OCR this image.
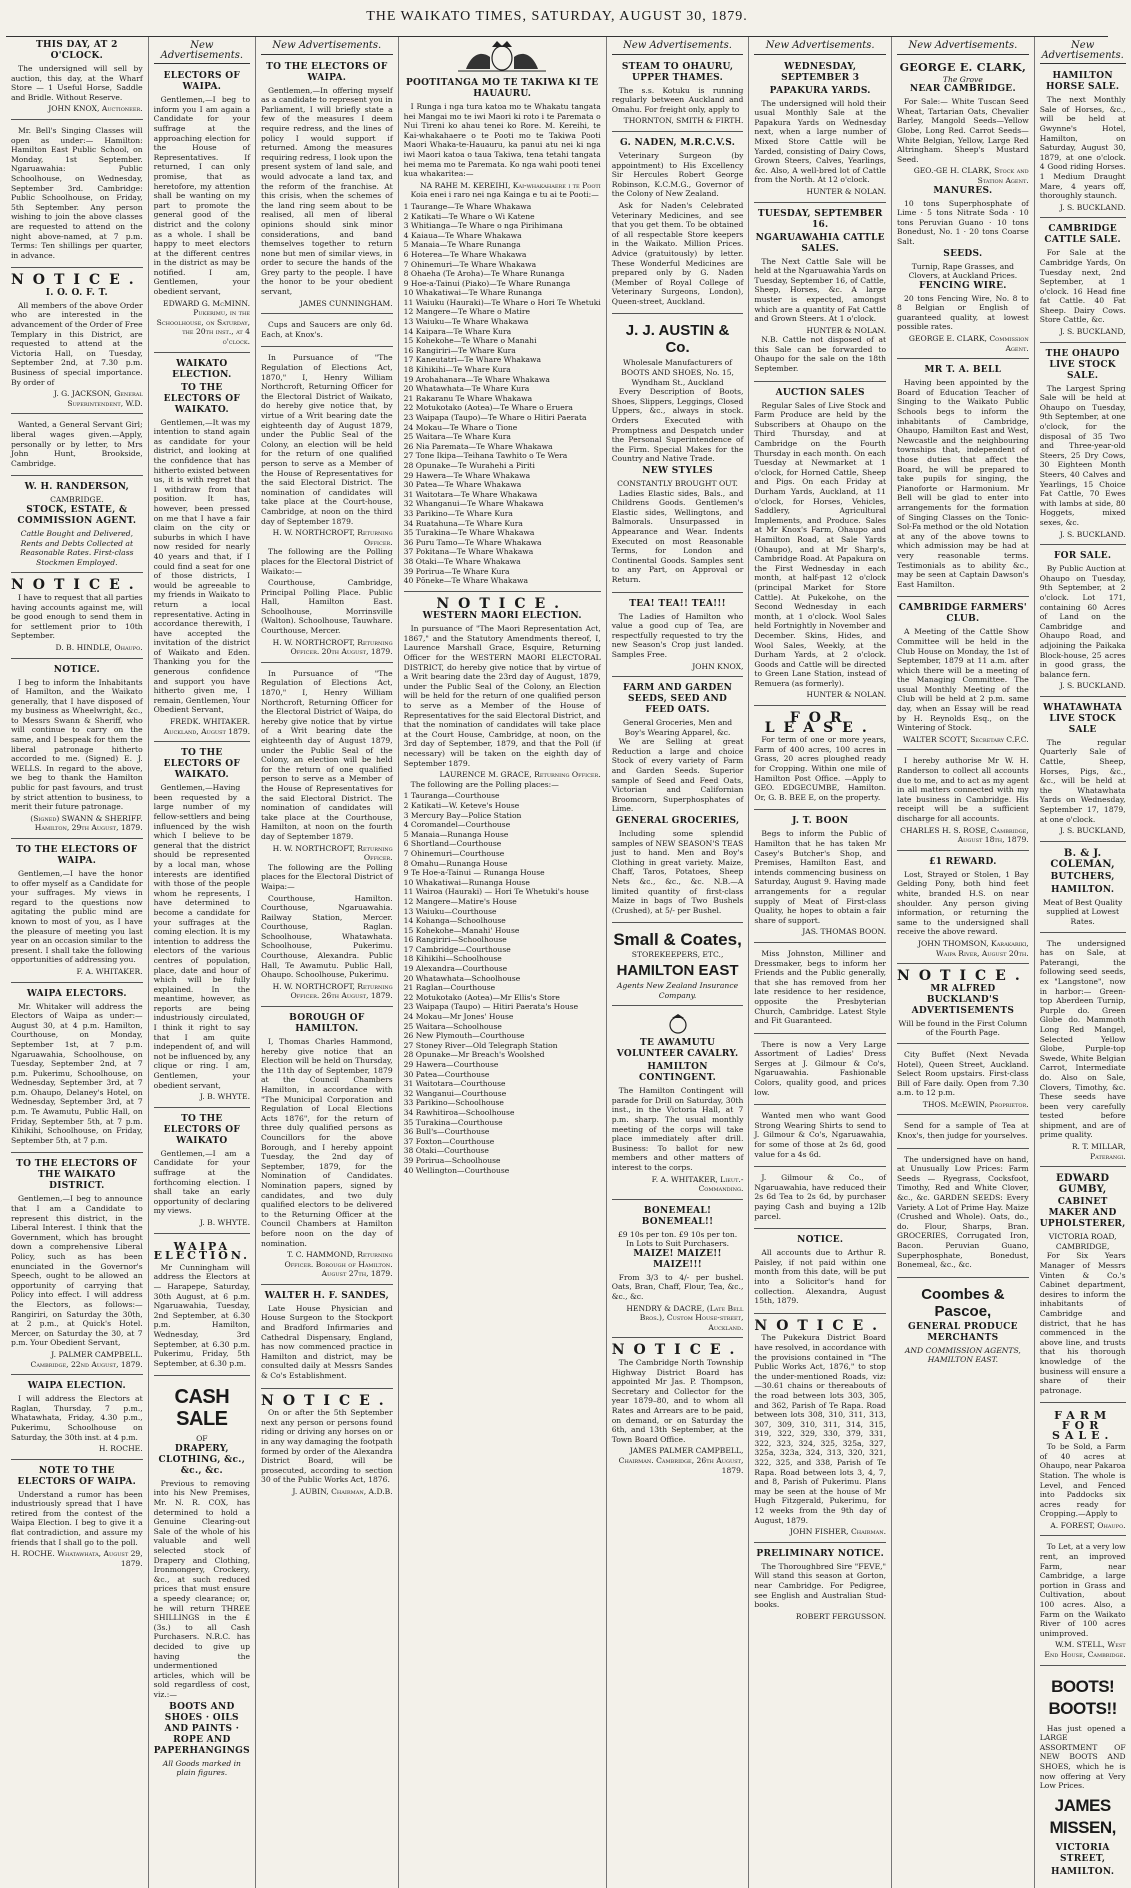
THE WAIKATO TIMES, SATURDAY, AUGUST 30, 1879.
THIS DAY, AT 2 O'CLOCK.

The undersigned will sell by auction, this day, at the Wharf Store — 1 Useful Horse, Saddle and Bridle. Without Reserve.

JOHN KNOX, Auctioneer.

Mr. Bell's Singing Classes will open as under:— Hamilton: Hamilton East Public School, on Monday, 1st September. Ngaruawahia: Public Schoolhouse, on Wednesday, September 3rd. Cambridge: Public Schoolhouse, on Friday, 5th September. Any person wishing to join the above classes are requested to attend on the night above-named, at 7 p.m. Terms: Ten shillings per quarter, in advance.

NOTICE.
I. O. O. F. T.

All members of the above Order who are interested in the advancement of the Order of Free Templary in this District, are requested to attend at the Victoria Hall, on Tuesday, September 2nd, at 7.30 p.m. Business of special importance. By order of

J. G. JACKSON, General Superintendent, W.D.

Wanted, a General Servant Girl; liberal wages given.—Apply, personally or by letter, to Mrs John Hunt, Brookside, Cambridge.

W. H. RANDERSON,
CAMBRIDGE.
STOCK, ESTATE, & COMMISSION AGENT.
Cattle Bought and Delivered, Rents and Debts Collected at Reasonable Rates. First-class Stockmen Employed.
NOTICE.

I have to request that all parties having accounts against me, will be good enough to send them in for settlement prior to 10th September.

D. B. HINDLE, Ohaupo.
NOTICE.

I beg to inform the Inhabitants of Hamilton, and the Waikato generally, that I have disposed of my business as Wheelwright, &c., to Messrs Swann & Sheriff, who will continue to carry on the same, and I bespeak for them the liberal patronage hitherto accorded to me. (Signed) E. J. WELLS. In regard to the above, we beg to thank the Hamilton public for past favours, and trust by strict attention to business, to merit their future patronage.

(Signed) SWANN & SHERIFF. Hamilton, 29th August, 1879.
TO THE ELECTORS OF WAIPA.

Gentlemen,—I have the honor to offer myself as a Candidate for your suffrages. My views in regard to the questions now agitating the public mind are known to most of you, as I have the pleasure of meeting you last year on an occasion similar to the present. I shall take the following opportunities of addressing you.

F. A. WHITAKER.
WAIPA ELECTORS.

Mr. Whitaker will address the Electors of Waipa as under:— August 30, at 4 p.m. Hamilton, Courthouse, on Monday, September 1st, at 7 p.m. Ngaruawahia, Schoolhouse, on Tuesday, September 2nd, at 7 p.m. Pukerimu, Schoolhouse, on Wednesday, September 3rd, at 7 p.m. Ohaupo, Delaney's Hotel, on Wednesday, September 3rd, at 7 p.m. Te Awamutu, Public Hall, on Friday, September 5th, at 7 p.m. Kihikihi, Schoolhouse, on Friday, September 5th, at 7 p.m.

TO THE ELECTORS OF THE WAIKATO DISTRICT.

Gentlemen,—I beg to announce that I am a Candidate to represent this district, in the Liberal Interest. I think that the Government, which has brought down a comprehensive Liberal Policy, such as has been enunciated in the Governor's Speech, ought to be allowed an opportunity of carrying that Policy into effect. I will address the Electors, as follows:— Rangiriri, on Saturday the 30th, at 2 p.m., at Quick's Hotel. Mercer, on Saturday the 30, at 7 p.m. Your Obedient Servant,

J. PALMER CAMPBELL. Cambridge, 22nd August, 1879.
WAIPA ELECTION.

I will address the Electors at Raglan, Thursday, 7 p.m., Whatawhata, Friday, 4.30 p.m., Pukerimu, Schoolhouse on Saturday, the 30th inst. at 4 p.m.

H. ROCHE.
NOTE TO THE ELECTORS OF WAIPA.

Understand a rumor has been industriously spread that I have retired from the contest of the Waipa Election. I beg to give it a flat contradiction, and assure my friends that I shall go to the poll.

H. ROCHE. Whatawhata, August 29, 1879.
New Advertisements.
ELECTORS OF WAIPA.

Gentlemen,—I beg to inform you I am again a Candidate for your suffrage at the approaching election for the House of Representatives. If returned, I can only promise, that as heretofore, my attention shall be wanting on my part to promote the general good of the district and the colony as a whole. I shall be happy to meet electors at the different centres in the district as may be notified. I am, Gentlemen, your obedient servant,

EDWARD G. McMINN. Pukerimu, in the Schoolhouse, on Saturday, the 20th inst., at 4 o'clock.
WAIKATO ELECTION.
TO THE ELECTORS OF WAIKATO.

Gentlemen,—It was my intention to stand again as candidate for your district, and looking at the confidence that has hitherto existed between us, it is with regret that I withdraw from that position. It has, however, been pressed on me that I have a fair claim on the city or suburbs in which I have now resided for nearly 40 years and that, if I could find a seat for one of those districts, I would be agreeable to my friends in Waikato to return a local representative. Acting in accordance therewith, I have accepted the invitation of the district of Waikato and Eden. Thanking you for the generous confidence and support you have hitherto given me, I remain, Gentlemen, Your Obedient Servant,

FREDK. WHITAKER. Auckland, August 1879.
TO THE ELECTORS OF WAIKATO.

Gentlemen,—Having been requested by a large number of my fellow-settlers and being influenced by the wish which I believe to be general that the district should be represented by a local man, whose interests are identified with those of the people whom he represents, I have determined to become a candidate for your suffrages at the coming election. It is my intention to address the electors of the various centres of population, place, date and hour of which will be fully explained. In the meantime, however, as reports are being industriously circulated, I think it right to say that I am quite independent of, and will not be influenced by, any clique or ring. I am, Gentlemen, your obedient servant,

J. B. WHYTE.
TO THE ELECTORS OF WAIKATO

Gentlemen,—I am a Candidate for your suffrage at the forthcoming election. I shall take an early opportunity of declaring my views.

J. B. WHYTE.
WAIPA ELECTION.

Mr Cunningham will address the Electors at — Harapepe, Saturday, 30th August, at 6 p.m. Ngaruawahia, Tuesday, 2nd September, at 6.30 p.m. Hamilton, Wednesday, 3rd September, at 6.30 p.m. Pukerimu, Friday, 5th September, at 6.30 p.m.

CASH SALE
OF
DRAPERY, CLOTHING, &c., &c., &c.

Previous to removing into his New Premises, Mr. N. R. COX, has determined to hold a Genuine Clearing-out Sale of the whole of his valuable and well selected stock of Drapery and Clothing, Ironmongery, Crockery, &c., at such reduced prices that must ensure a speedy clearance; or, he will return THREE SHILLINGS in the £ (3s.) to all Cash Purchasers. N.R.C. has decided to give up having the undermentioned articles, which will be sold regardless of cost, viz.:—

BOOTS AND SHOES · OILS AND PAINTS · ROPE AND PAPERHANGINGS
All Goods marked in plain figures.
New Advertisements.
TO THE ELECTORS OF WAIPA.

Gentlemen,—In offering myself as a candidate to represent you in Parliament, I will briefly state a few of the measures I deem require redress, and the lines of policy I would support if returned. Among the measures requiring redress, I look upon the present system of land sale, and would advocate a land tax, and the reform of the franchise. At this crisis, when the schemes of the land ring seem about to be realised, all men of liberal opinions should sink minor considerations, and band themselves together to return none but men of similar views, in order to secure the hands of the Grey party to the people. I have the honor to be your obedient servant,

JAMES CUNNINGHAM.

Cups and Saucers are only 6d. Each, at Knox's.

In Pursuance of "The Regulation of Elections Act, 1870," I, Henry William Northcroft, Returning Officer for the Electoral District of Waikato, do hereby give notice that, by virtue of a Writ bearing date the eighteenth day of August 1879, under the Public Seal of the Colony, an election will be held for the return of one qualified person to serve as a Member of the House of Representatives for the said Electoral District. The nomination of candidates will take place at the Court-house, Cambridge, at noon on the third day of September 1879.

H. W. NORTHCROFT, Returning Officer.

The following are the Polling places for the Electoral District of Waikato:—

Courthouse, Cambridge, Principal Polling Place. Public Hall, Hamilton East. Schoolhouse, Morrinsville (Walton). Schoolhouse, Tauwhare. Courthouse, Mercer.

H. W. NORTHCROFT, Returning Officer. 20th August, 1879.

In Pursuance of "The Regulation of Elections Act, 1870," I, Henry William Northcroft, Returning Officer for the Electoral District of Waipa, do hereby give notice that by virtue of a Writ bearing date the eighteenth day of August 1879, under the Public Seal of the Colony, an election will be held for the return of one qualified person to serve as a Member of the House of Representatives for the said Electoral District. The nomination of candidates will take place at the Courthouse, Hamilton, at noon on the fourth day of September 1879.

H. W. NORTHCROFT, Returning Officer.

The following are the Polling places for the Electoral District of Waipa:—

Courthouse, Hamilton. Courthouse, Ngaruawahia. Railway Station, Mercer. Courthouse, Raglan. Schoolhouse, Whatawhata. Schoolhouse, Pukerimu. Courthouse, Alexandra. Public Hall, Te Awamutu. Public Hall, Ohaupo. Schoolhouse, Pukerimu.

H. W. NORTHCROFT, Returning Officer. 26th August, 1879.
BOROUGH OF HAMILTON.

I, Thomas Charles Hammond, hereby give notice that an Election will be held on Thursday, the 11th day of September, 1879 at the Council Chambers Hamilton, in accordance with "The Municipal Corporation and Regulation of Local Elections Acts 1876", for the return of three duly qualified persons as Councillors for the above Borough, and I hereby appoint Tuesday, the 2nd day of September, 1879, for the Nomination of Candidates. Nomination papers, signed by candidates, and two duly qualified electors to be delivered to the Returning Officer at the Council Chambers at Hamilton before noon on the day of nomination.

T. C. HAMMOND, Returning Officer. Borough of Hamilton. August 27th, 1879.
WALTER H. F. SANDES,

Late House Physician and House Surgeon to the Stockport and Bradford Infirmaries and Cathedral Dispensary, England, has now commenced practice in Hamilton and district, may be consulted daily at Messrs Sandes & Co's Establishment.

NOTICE.

On or after the 5th September next any person or persons found riding or driving any horses on or in any way damaging the footpath formed by order of the Alexandra District Board, will be prosecuted, according to section 30 of the Public Works Act, 1876.

J. AUBIN, Chairman, A.D.B.
POOTITANGA MO TE TAKIWA KI TE HAUAURU.

I Runga i nga tura katoa mo te Whakatu tangata hei Mangai mo te iwi Maori ki roto i te Paremata o Nui Tireni ko ahau tenei ko Rore. M. Kereihi, te Kai-whakahaere o te Pooti mo te Takiwa Pooti Maori Whaka-te-Hauauru, ka panui atu nei ki nga iwi Maori katoa o taua Takiwa, tena tetahi tangata hei mema mo te Paremata. Ko nga wahi pooti tenei kua whakaritea:—

NA RAHE M. KEREIHI, Kai-whakahaere i te Pooti

Koia enei i raro nei nga Kainga e tu ai te Pooti:—

1 Taurange—Te Whare Whakawa
2 Katikati—Te Whare o Wi Katene
3 Whitianga—Te Whare o nga Pirihimana
4 Kaiaua—Te Whare Whakawa
5 Manaia—Te Whare Runanga
6 Hoterea—Te Whare Whakawa
7 Ohinemuri—Te Whare Whakawa
8 Ohaeha (Te Aroha)—Te Whare Runanga
9 Hoe-a-Tainui (Piako)—Te Whare Runanga
10 Whakatiwai—Te Whare Runanga
11 Waiuku (Hauraki)—Te Whare o Hori Te Whetuki
12 Mangere—Te Whare o Matire
13 Waiuku—Te Whare Whakawa
14 Kaipara—Te Whare Kura
15 Kohekohe—Te Whare o Manahi
16 Rangiriri—Te Whare Kura
17 Kaneutatri—Te Whare Whakawa
18 Kihikihi—Te Whare Kura
19 Arohahanara—Te Whare Whakawa
20 Whatawhata—Te Whare Kura
21 Rakaranu Te Whare Whakawa
22 Motukotako (Aotea)—Te Whare o Eruera
23 Waipapa (Taupo)—Te Whare o Hitiri Paerata
24 Mokau—Te Whare o Tione
25 Waitara—Te Whare Kura
26 Nia Paremata—Te Whare Whakawa
27 Tone Ikipa—Teihana Tawhito o Te Wera
28 Opunake—Te Wurahehi a Piriti
29 Hawera—Te Whare Whakawa
30 Patea—Te Whare Whakawa
31 Waitotara—Te Whare Whakawa
32 Whanganui—Te Whare Whakawa
33 Parikino—Te Whare Kura
34 Ruatahuna—Te Whare Kura
35 Turakina—Te Whare Whakawa
36 Puru Tamo—Te Whare Whakawa
37 Pokitana—Te Whare Whakawa
38 Otaki—Te Whare Whakawa
39 Porirua—Te Whare Kura
40 Pōneke—Te Whare Whakawa
NOTICE.
WESTERN MAORI ELECTION.

In pursuance of "The Maori Representation Act, 1867," and the Statutory Amendments thereof, I, Laurence Marshall Grace, Esquire, Returning Officer for the WESTERN MAORI ELECTORAL DISTRICT, do hereby give notice that by virtue of a Writ bearing date the 23rd day of August, 1879, under the Public Seal of the Colony, an Election will be held for the return of one qualified person to serve as a Member of the House of Representatives for the said Electoral District, and that the nomination of candidates will take place at the Court House, Cambridge, at noon, on the 3rd day of September, 1879, and that the Poll (if necessary) will be taken on the eighth day of September 1879.

LAURENCE M. GRACE, Returning Officer.

The following are the Polling places:—

1 Tauranga—Courthouse
2 Katikati—W. Keteve's House
3 Mercury Bay—Police Station
4 Coromandel—Courthouse
5 Manaia—Runanga House
6 Shortland—Courthouse
7 Ohinemuri—Courthouse
8 Omahu—Runanga House
9 Te Hoe-a-Tainui — Runanga House
10 Whakatiwai—Runanga House
11 Wairoa (Hauraki) — Hori Te Whetuki's house
12 Mangere—Matire's House
13 Waiuku—Courthouse
14 Kohanga—Schoolhouse
15 Kohekohe—Manahi' House
16 Rangiriri—Schoolhouse
17 Cambridge—Courthouse
18 Kihikihi—Schoolhouse
19 Alexandra—Courthouse
20 Whatawhata—Schoolhouse
21 Raglan—Courthouse
22 Motukotako (Aotea)—Mr Ellis's Store
23 Waipapa (Taupo) — Hitiri Paerata's House
24 Mokau—Mr Jones' House
25 Waitara—Schoolhouse
26 New Plymouth—Courthouse
27 Stoney River—Old Telegraph Station
28 Opunake—Mr Breach's Woolshed
29 Hawera—Courthouse
30 Patea—Courthouse
31 Waitotara—Courthouse
32 Wanganui—Courthouse
33 Parikino—Schoolhouse
34 Rawhitiroa—Schoolhouse
35 Turakina—Courthouse
36 Bull's—Courthouse
37 Foxton—Courthouse
38 Otaki—Courthouse
39 Porirua—Schoolhouse
40 Wellington—Courthouse
New Advertisements.
STEAM TO OHAURU, UPPER THAMES.

The s.s. Kotuku is running regularly between Auckland and Omahu. For freight only, apply to

THORNTON, SMITH & FIRTH.
G. NADEN, M.R.C.V.S.

Veterinary Surgeon (by appointment) to His Excellency Sir Hercules Robert George Robinson, K.C.M.G., Governor of the Colony of New Zealand.

Ask for Naden's Celebrated Veterinary Medicines, and see that you get them. To be obtained of all respectable Store keepers in the Waikato. Million Prices. Advice (gratuitously) by letter. These Wonderful Medicines are prepared only by G. Naden (Member of Royal College of Veterinary Surgeons, London), Queen-street, Auckland.

J. J. AUSTIN & Co.
Wholesale Manufacturers of BOOTS AND SHOES, No. 15, Wyndham St., Auckland

Every Description of Boots, Shoes, Slippers, Leggings, Closed Uppers, &c., always in stock. Orders Executed with Promptness and Despatch under the Personal Superintendence of the Firm. Special Makes for the Country and Native Trade.

NEW STYLES
CONSTANTLY BROUGHT OUT.

Ladies Elastic sides, Bals., and Childrens Goods. Gentlemen's Elastic sides, Wellingtons, and Balmorals. Unsurpassed in Appearance and Wear. Indents Executed on most Reasonable Terms, for London and Continental Goods. Samples sent to any Part, on Approval or Return.

TEA! TEA!! TEA!!!

The Ladies of Hamilton who value a good cup of Tea, are respectfully requested to try the new Season's Crop just landed. Samples Free.

JOHN KNOX,
FARM AND GARDEN SEEDS, SEED AND FEED OATS.
General Groceries, Men and Boy's Wearing Apparel, &c.

We are Selling at great Reduction a large and choice Stock of every variety of Farm and Garden Seeds. Superior sample of Seed and Feed Oats, Victorian and Californian Broomcorn, Superphosphates of Lime.

GENERAL GROCERIES,

Including some splendid samples of NEW SEASON'S TEAS just to hand. Men and Boy's Clothing in great variety. Maize, Chaff, Taros, Potatoes, Sheep Nets &c., &c., &c. N.B.—A limited quantity of first-class Maize in bags of Two Bushels (Crushed), at 5/- per Bushel.

Small & Coates,
STOREKEEPERS, ETC.,
HAMILTON EAST
Agents New Zealand Insurance Company.
TE AWAMUTU VOLUNTEER CAVALRY.
HAMILTON CONTINGENT.

The Hamilton Contingent will parade for Drill on Saturday, 30th inst., in the Victoria Hall, at 7 p.m. sharp. The usual monthly meeting of the corps will take place immediately after drill. Business: To ballot for new members and other matters of interest to the corps.

F. A. WHITAKER, Lieut.-Commanding.
BONEMEAL! BONEMEAL!!
£9 10s per ton. £9 10s per ton.
In Lots to Suit Purchasers.
MAIZE! MAIZE!! MAIZE!!!

From 3/3 to 4/- per bushel. Oats, Bran, Chaff, Flour, Tea, &c., &c., &c.

HENDRY & DACRE, (Late Bell Bros.), Custom House-street, Auckland.
NOTICE.

The Cambridge North Township Highway District Board has appointed Mr Jas. P. Thompson, Secretary and Collector for the year 1879–80, and to whom all Rates and Arrears are to be paid, on demand, or on Saturday the 6th, and 13th September, at the Town Board Office.

JAMES PALMER CAMPBELL, Chairman. Cambridge, 26th August, 1879.
New Advertisements.
WEDNESDAY, SEPTEMBER 3
PAPAKURA YARDS.

The undersigned will hold their usual Monthly Sale at the Papakura Yards on Wednesday next, when a large number of Mixed Store Cattle will be Yarded, consisting of Dairy Cows, Grown Steers, Calves, Yearlings, &c. Also, A well-bred lot of Cattle from the North. At 12 o'clock.

HUNTER & NOLAN.
TUESDAY, SEPTEMBER 16.
NGARUAWAHIA CATTLE SALES.

The Next Cattle Sale will be held at the Ngaruawahia Yards on Tuesday, September 16, of Cattle, Sheep, Horses, &c. A large muster is expected, amongst which are a quantity of Fat Cattle and Grown Steers. At 1 o'clock.

HUNTER & NOLAN.

N.B. Cattle not disposed of at this Sale can be forwarded to Ohaupo for the sale on the 18th September.

AUCTION SALES

Regular Sales of Live Stock and Farm Produce are held by the Subscribers at Ohaupo on the Third Thursday, and at Cambridge on the Fourth Thursday in each month. On each Tuesday at Newmarket at 1 o'clock, for Horned Cattle, Sheep and Pigs. On each Friday at Durham Yards, Auckland, at 11 o'clock, for Horses, Vehicles, Saddlery, Agricultural Implements, and Produce. Sales at Mr Knox's Farm, Ohaupo and Hamilton Road, at Sale Yards (Ohaupo), and at Mr Sharp's, Cambridge Road. At Papakura on the First Wednesday in each month, at half-past 12 o'clock (principal Market for Store Cattle). At Pukekohe, on the Second Wednesday in each month, at 1 o'clock. Wool Sales held Fortnightly in November and December. Skins, Hides, and Wool Sales, Weekly, at the Durham Yards, at 2 o'clock. Goods and Cattle will be directed to Green Lane Station, instead of Remuera (as formerly).

HUNTER & NOLAN.
FOR LEASE.

For term of one or more years, Farm of 400 acres, 100 acres in Grass, 20 acres ploughed ready for Cropping. Within one mile of Hamilton Post Office. —Apply to GEO. EDGECUMBE, Hamilton. Or, G. B. BEE E, on the property.

J. T. BOON

Begs to inform the Public of Hamilton that he has taken Mr Casey's Butcher's Shop, and Premises, Hamilton East, and intends commencing business on Saturday, August 9. Having made arrangements for a regular supply of Meat of First-class Quality, he hopes to obtain a fair share of support.

JAS. THOMAS BOON.

Miss Johnston, Milliner and Dressmaker, begs to inform her Friends and the Public generally, that she has removed from her late residence to her residence, opposite the Presbyterian Church, Cambridge. Latest Style and Fit Guaranteed.

There is now a Very Large Assortment of Ladies' Dress Serges at J. Gilmour & Co's, Ngaruawahia. Fashionable Colors, quality good, and prices low.

Wanted men who want Good Strong Wearing Shirts to send to J. Gilmour & Co's, Ngaruawahia, for some of those at 2s 6d, good value for a 4s 6d.

J. Gilmour & Co., of Ngaruawahia, have reduced their 2s 6d Tea to 2s 6d, by purchaser paying Cash and buying a 12lb parcel.

NOTICE.

All accounts due to Arthur R. Paisley, if not paid within one month from this date, will be put into a Solicitor's hand for collection. Alexandra, August 15th, 1879.

NOTICE.

The Pukekura District Board have resolved, in accordance with the provisions contained in "The Public Works Act, 1876," to stop the under-mentioned Roads, viz:—30.61 chains or thereabouts of the road between lots 303, 305, and 362, Parish of Te Rapa. Road between lots 308, 310, 311, 313, 307, 309, 310, 311, 314, 315, 319, 322, 329, 330, 379, 331, 322, 323, 324, 325, 325a, 327, 325a, 323a, 324, 313, 320, 321, 322, 325, and 338, Parish of Te Rapa. Road between lots 3, 4, 7, and 8, Parish of Pukerimu. Plans may be seen at the house of Mr Hugh Fitzgerald, Pukerimu, for 12 weeks from the 9th day of August, 1879.

JOHN FISHER, Chairman.
PRELIMINARY NOTICE.

The Thoroughbred Sire "FEVE," Will stand this season at Gorton, near Cambridge. For Pedigree, see English and Australian Stud-books.

ROBERT FERGUSSON.
New Advertisements.
GEORGE E. CLARK,
The Grove
NEAR CAMBRIDGE.

For Sale:— White Tuscan Seed Wheat, Tartarian Oats, Chevalier Barley, Mangold Seeds—Yellow Globe, Long Red. Carrot Seeds— White Belgian, Yellow, Large Red Altringham. Sheep's Mustard Seed.

GEO.-GE H. CLARK, Stock and Station Agent.
MANURES.

10 tons Superphosphate of Lime · 5 tons Nitrate Soda · 10 tons Peruvian Guano · 10 tons Bonedust, No. 1 · 20 tons Coarse Salt.

SEEDS.
Turnip, Rape Grasses, and Clovers, at Auckland Prices.
FENCING WIRE.

20 tons Fencing Wire, No. 8 to 8 Belgian or English of guaranteed quality, at lowest possible rates.

GEORGE E. CLARK, Commission Agent.
MR T. A. BELL

Having been appointed by the Board of Education Teacher of Singing to the Waikato Public Schools begs to inform the inhabitants of Cambridge, Ohaupo, Hamilton East and West, Newcastle and the neighbouring townships that, independent of those duties that affect the Board, he will be prepared to take pupils for singing, the Pianoforte or Harmonium. Mr Bell will be glad to enter into arrangements for the formation of Singing Classes on the Tonic-Sol-Fa method or the old Notation at any of the above towns to which admission may be had at very reasonable terms. Testimonials as to ability &c., may be seen at Captain Dawson's East Hamilton.

CAMBRIDGE FARMERS' CLUB.

A Meeting of the Cattle Show Committee will be held in the Club House on Monday, the 1st of September, 1879 at 11 a.m. after which there will be a meeting of the Managing Committee. The usual Monthly Meeting of the Club will be held at 2 p.m. same day, when an Essay will be read by H. Reynolds Esq., on the Wintering of Stock.

WALTER SCOTT, Secretary C.F.C.

I hereby authorise Mr W. H. Randerson to collect all accounts due to me, and to act as my agent in all matters connected with my late business in Cambridge. His receipt will be a sufficient discharge for all accounts.

CHARLES H. S. ROSE, Cambridge, August 18th, 1879.
£1 REWARD.

Lost, Strayed or Stolen, 1 Bay Gelding Pony, both hind feet white, branded H.S. on near shoulder. Any person giving information, or returning the same to the undersigned shall receive the above reward.

JOHN THOMSON, Karakariki, Waipa River, August 20th.
NOTICE.
MR ALFRED BUCKLAND'S ADVERTISEMENTS
Will be found in the First Column of the Fourth Page.

City Buffet (Next Nevada Hotel), Queen Street, Auckland. Select Room upstairs. First-class Bill of Fare daily. Open from 7.30 a.m. to 12 p.m.

THOS. McEWIN, Proprietor.

Send for a sample of Tea at Knox's, then judge for yourselves.

The undersigned have on hand, at Unusually Low Prices: Farm Seeds — Ryegrass, Cocksfoot, Timothy, Red and White Clover, &c., &c. GARDEN SEEDS: Every Variety. A Lot of Prime Hay. Maize (Crushed and Whole). Oats, do., do. Flour, Sharps, Bran. GROCERIES, Corrugated Iron, Bacon. Peruvian Guano, Superphosphate, Bonedust, Bonemeal, &c., &c.

Coombes & Pascoe,
GENERAL PRODUCE MERCHANTS
AND COMMISSION AGENTS, HAMILTON EAST.
New Advertisements.
HAMILTON HORSE SALE.

The next Monthly Sale of Horses, &c., will be held at Gwynne's Hotel, Hamilton, on Saturday, August 30, 1879, at one o'clock. 4 Good riding Horses. 1 Medium Draught Mare, 4 years off, thoroughly staunch.

J. S. BUCKLAND.
CAMBRIDGE CATTLE SALE.

For Sale at the Cambridge Yards, On Tuesday next, 2nd September, at 1 o'clock. 16 Head fine fat Cattle. 40 Fat Sheep. Dairy Cows. Store Cattle, &c.

J. S. BUCKLAND,
THE OHAUPO LIVE STOCK SALE.

The Largest Spring Sale will be held at Ohaupo on Tuesday, 9th September, at one o'clock, for the disposal of 35 Two and Three-year-old Steers, 25 Dry Cows, 30 Eighteen Month Steers, 40 Calves and Yearlings, 15 Choice Fat Cattle, 70 Ewes with lambs at side, 80 Hoggets, mixed sexes, &c.

J. S. BUCKLAND.
FOR SALE.

By Public Auction at Ohaupo on Tuesday, 9th September, at 2 o'clock. Lot 171, containing 60 Acres of Land on the Cambridge and Ohaupo Road, and adjoining the Paikaka Block-house, 25 acres in good grass, the balance fern.

J. S. BUCKLAND.
WHATAWHATA LIVE STOCK SALE

The regular Quarterly Sale of Cattle, Sheep, Horses, Pigs, &c., &c., will be held at the Whatawhata Yards on Wednesday, September 17, 1879, at one o'clock.

J. S. BUCKLAND,
B. & J. COLEMAN,
BUTCHERS,
HAMILTON.
Meat of Best Quality supplied at Lowest Rates.

The undersigned has on Sale, at Paterangi, the following seed seeds, ex "Langstone", now in harbor:— Green-top Aberdeen Turnip, Purple do. Green Globe do. Mammoth Long Red Mangel, Selected Yellow Globe, Purple-top Swede, White Belgian Carrot, Intermediate do. Also on Sale, Clovers, Timothy, &c. These seeds have been very carefully tested before shipment, and are of prime quality.

R. T. MILLAR, Paterangi.
EDWARD GUMBY,
CABINET MAKER AND UPHOLSTERER,
VICTORIA ROAD, CAMBRIDGE,

For Six Years Manager of Messrs Vinten & Co.'s Cabinet department, desires to inform the inhabitants of Cambridge and district, that he has commenced in the above line, and trusts that his thorough knowledge of the business will ensure a share of their patronage.

FARM FOR SALE.

To be Sold, a Farm of 40 acres at Ohaupo, near Pakaroa Station. The whole is Level, and Fenced into Paddocks six acres ready for Cropping.—Apply to

A. FOREST, Ohaupo.

To Let, at a very low rent, an improved Farm, near Cambridge, a large portion in Grass and Cultivation, about 100 acres. Also, a Farm on the Waikato River of 100 acres unimproved.

W.M. STELL, West End House, Cambridge.
BOOTS! BOOTS!!

Has just opened a LARGE ASSORTMENT OF NEW BOOTS AND SHOES, which he is now offering at Very Low Prices.

JAMES MISSEN,
VICTORIA STREET,
HAMILTON.
